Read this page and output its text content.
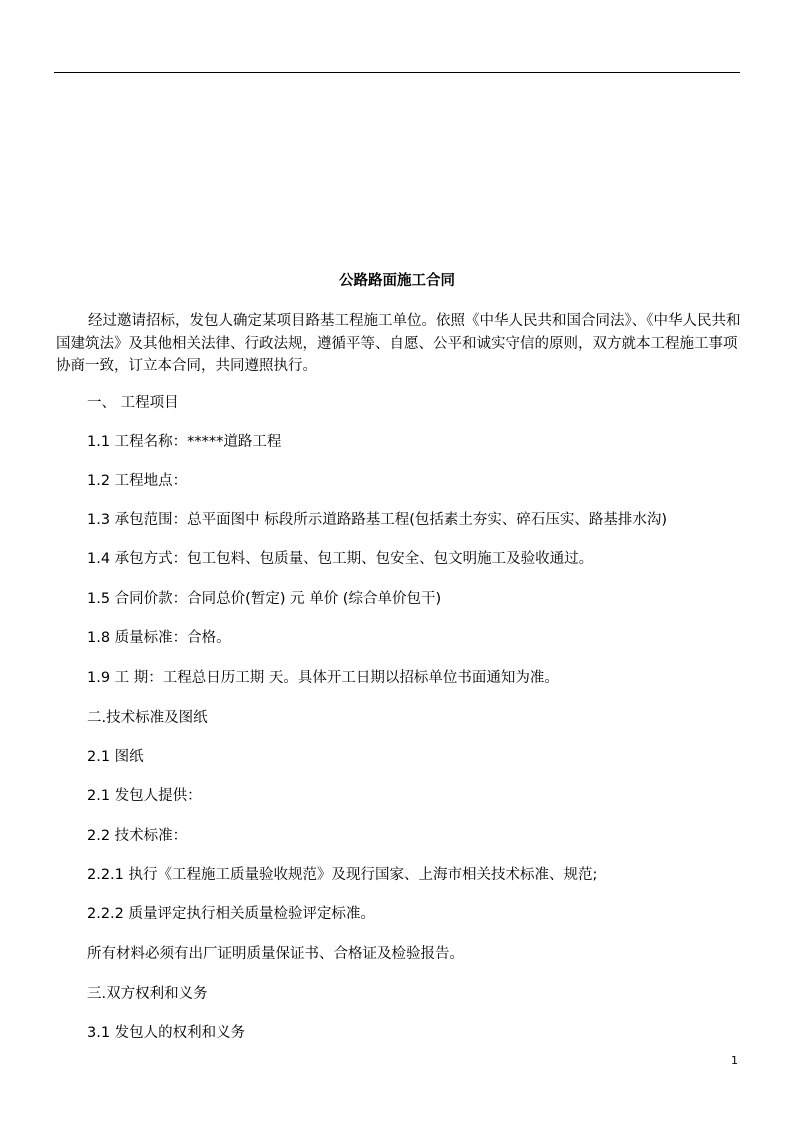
公路路面施工合同

经过邀请招标，发包人确定某项目路基工程施工单位。依照《中华人民共和国合同法》、《中华人民共和国建筑法》及其他相关法律、行政法规，遵循平等、自愿、公平和诚实守信的原则，双方就本工程施工事项协商一致，订立本合同，共同遵照执行。

一、 工程项目
1.1 工程名称：*****道路工程
1.2 工程地点：
1.3 承包范围：总平面图中 标段所示道路路基工程(包括素土夯实、碎石压实、路基排水沟)
1.4 承包方式：包工包料、包质量、包工期、包安全、包文明施工及验收通过。
1.5 合同价款：合同总价(暂定) 元 单价 (综合单价包干)
1.8 质量标准：合格。
1.9 工 期：工程总日历工期 天。具体开工日期以招标单位书面通知为准。
二.技术标准及图纸
2.1 图纸
2.1 发包人提供：
2.2 技术标准：
2.2.1 执行《工程施工质量验收规范》及现行国家、上海市相关技术标准、规范;
2.2.2 质量评定执行相关质量检验评定标准。
所有材料必须有出厂证明质量保证书、合格证及检验报告。
三.双方权利和义务
3.1 发包人的权利和义务
1
